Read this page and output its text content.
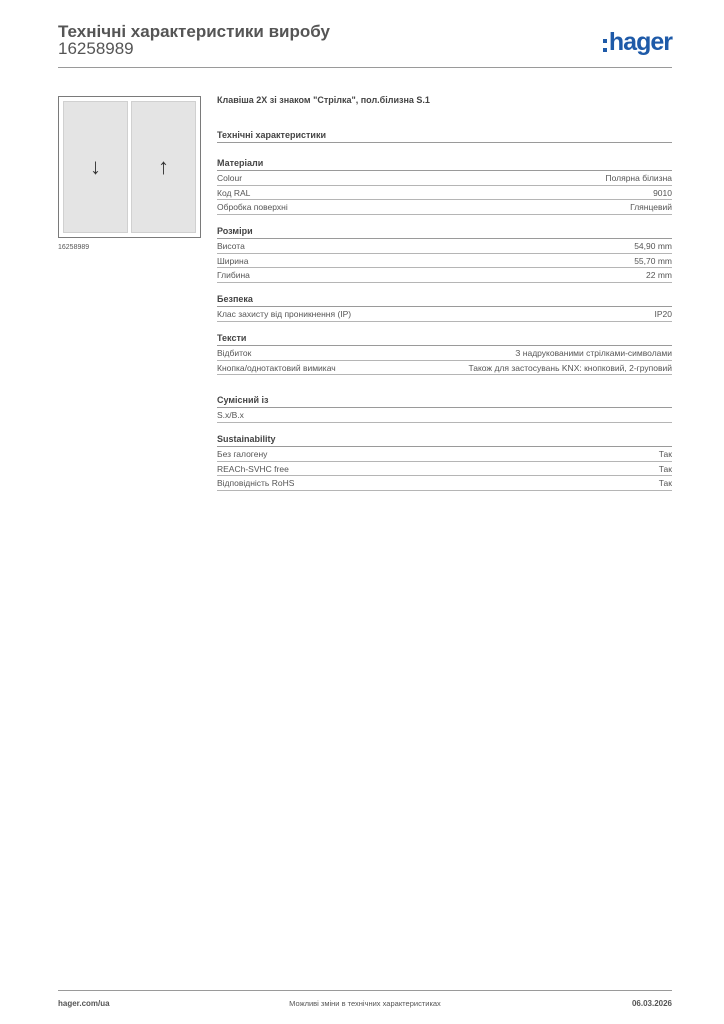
Технічні характеристики виробу
16258989	hager
↓	↑
16258989
Клавіша 2X зі знаком "Стрілка", пол.білизна S.1
Технічні характеристики
Матеріали
Colour	Полярна білизна
Код RAL	9010
Обробка поверхні	Глянцевий
Розміри
Висота	54,90 mm
Ширина	55,70 mm
Глибина	22 mm
Безпека
Клас захисту від проникнення (IP)	IP20
Тексти
Відбиток	З надрукованими стрілками-символами
Кнопка/однотактовий вимикач	Також для застосувань KNX: кнопковий, 2-груповий
Сумісний із
S.x/B.x
Sustainability
Без галогену	Так
REACh-SVHC free	Так
Відповідність RoHS	Так
hager.com/ua	Можливі зміни в технічних характеристиках	06.03.2026
